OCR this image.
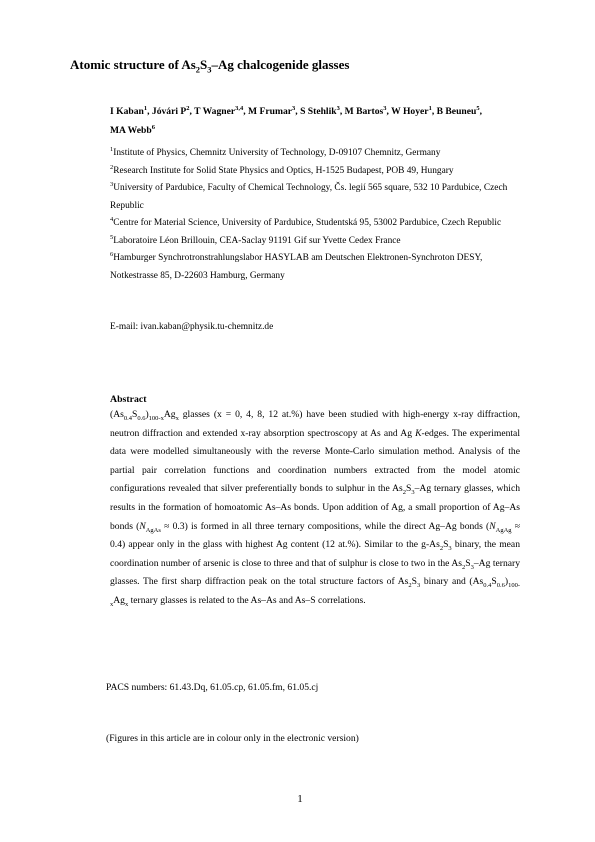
Atomic structure of $As_2S_3-Ag$ chalcogenide glasses
I Kaban$^1$, Jóvári $P^2$, T Wagner$^{3,4}$, M Frumar$^3$, S Stehlik$^3$, M Bartos$^3$, W Hoyer$^1$, B Beuneu$^5$,
MA Webb$^6$

$^1$Institute of Physics, Chemnitz University of Technology, D-09107 Chemnitz, Germany

$^2$Research Institute for Solid State Physics and Optics, H-1525 Budapest, POB 49, Hungary

$^3$University of Pardubice, Faculty of Chemical Technology, Čs. legií 565 square, 532 10 Pardubice, Czech Republic

$^4$Centre for Material Science, University of Pardubice, Studentská 95, 53002 Pardubice, Czech Republic

$^5$Laboratoire Léon Brillouin, CEA-Saclay 91191 Gif sur Yvette Cedex France

$^6$Hamburger Synchrotronstrahlungslabor HASYLAB am Deutschen Elektronen-Synchroton DESY, Notkestrasse 85, D-22603 Hamburg, Germany

E-mail: ivan.kaban@physik.tu-chemnitz.de
Abstract
$(As_{0.4}S_{0.6})_{100-x}Ag_x$ glasses (x = 0, 4, 8, 12 at.%) have been studied with high-energy x-ray diffraction, neutron diffraction and extended x-ray absorption spectroscopy at As and Ag K-edges. The experimental data were modelled simultaneously with the reverse Monte-Carlo simulation method. Analysis of the partial pair correlation functions and coordination numbers extracted from the model atomic configurations revealed that silver preferentially bonds to sulphur in the $As_2S_3-Ag$ ternary glasses, which results in the formation of homoatomic As–As bonds. Upon addition of Ag, a small proportion of Ag–As bonds $(N_{AgAs} \approx 0.3)$ is formed in all three ternary compositions, while the direct Ag–Ag bonds $(N_{AgAg} \approx 0.4)$ appear only in the glass with highest Ag content (12 at.%). Similar to the $g-As_2S_3$ binary, the mean coordination number of arsenic is close to three and that of sulphur is close to two in the $As_2S_3-Ag$ ternary glasses. The first sharp diffraction peak on the total structure factors of $As_2S_3$ binary and $(As_{0.4}S_{0.6})_{100-x}Ag_x$ ternary glasses is related to the As–As and As–S correlations.
PACS numbers: 61.43.Dq, 61.05.cp, 61.05.fm, 61.05.cj
(Figures in this article are in colour only in the electronic version)
1
